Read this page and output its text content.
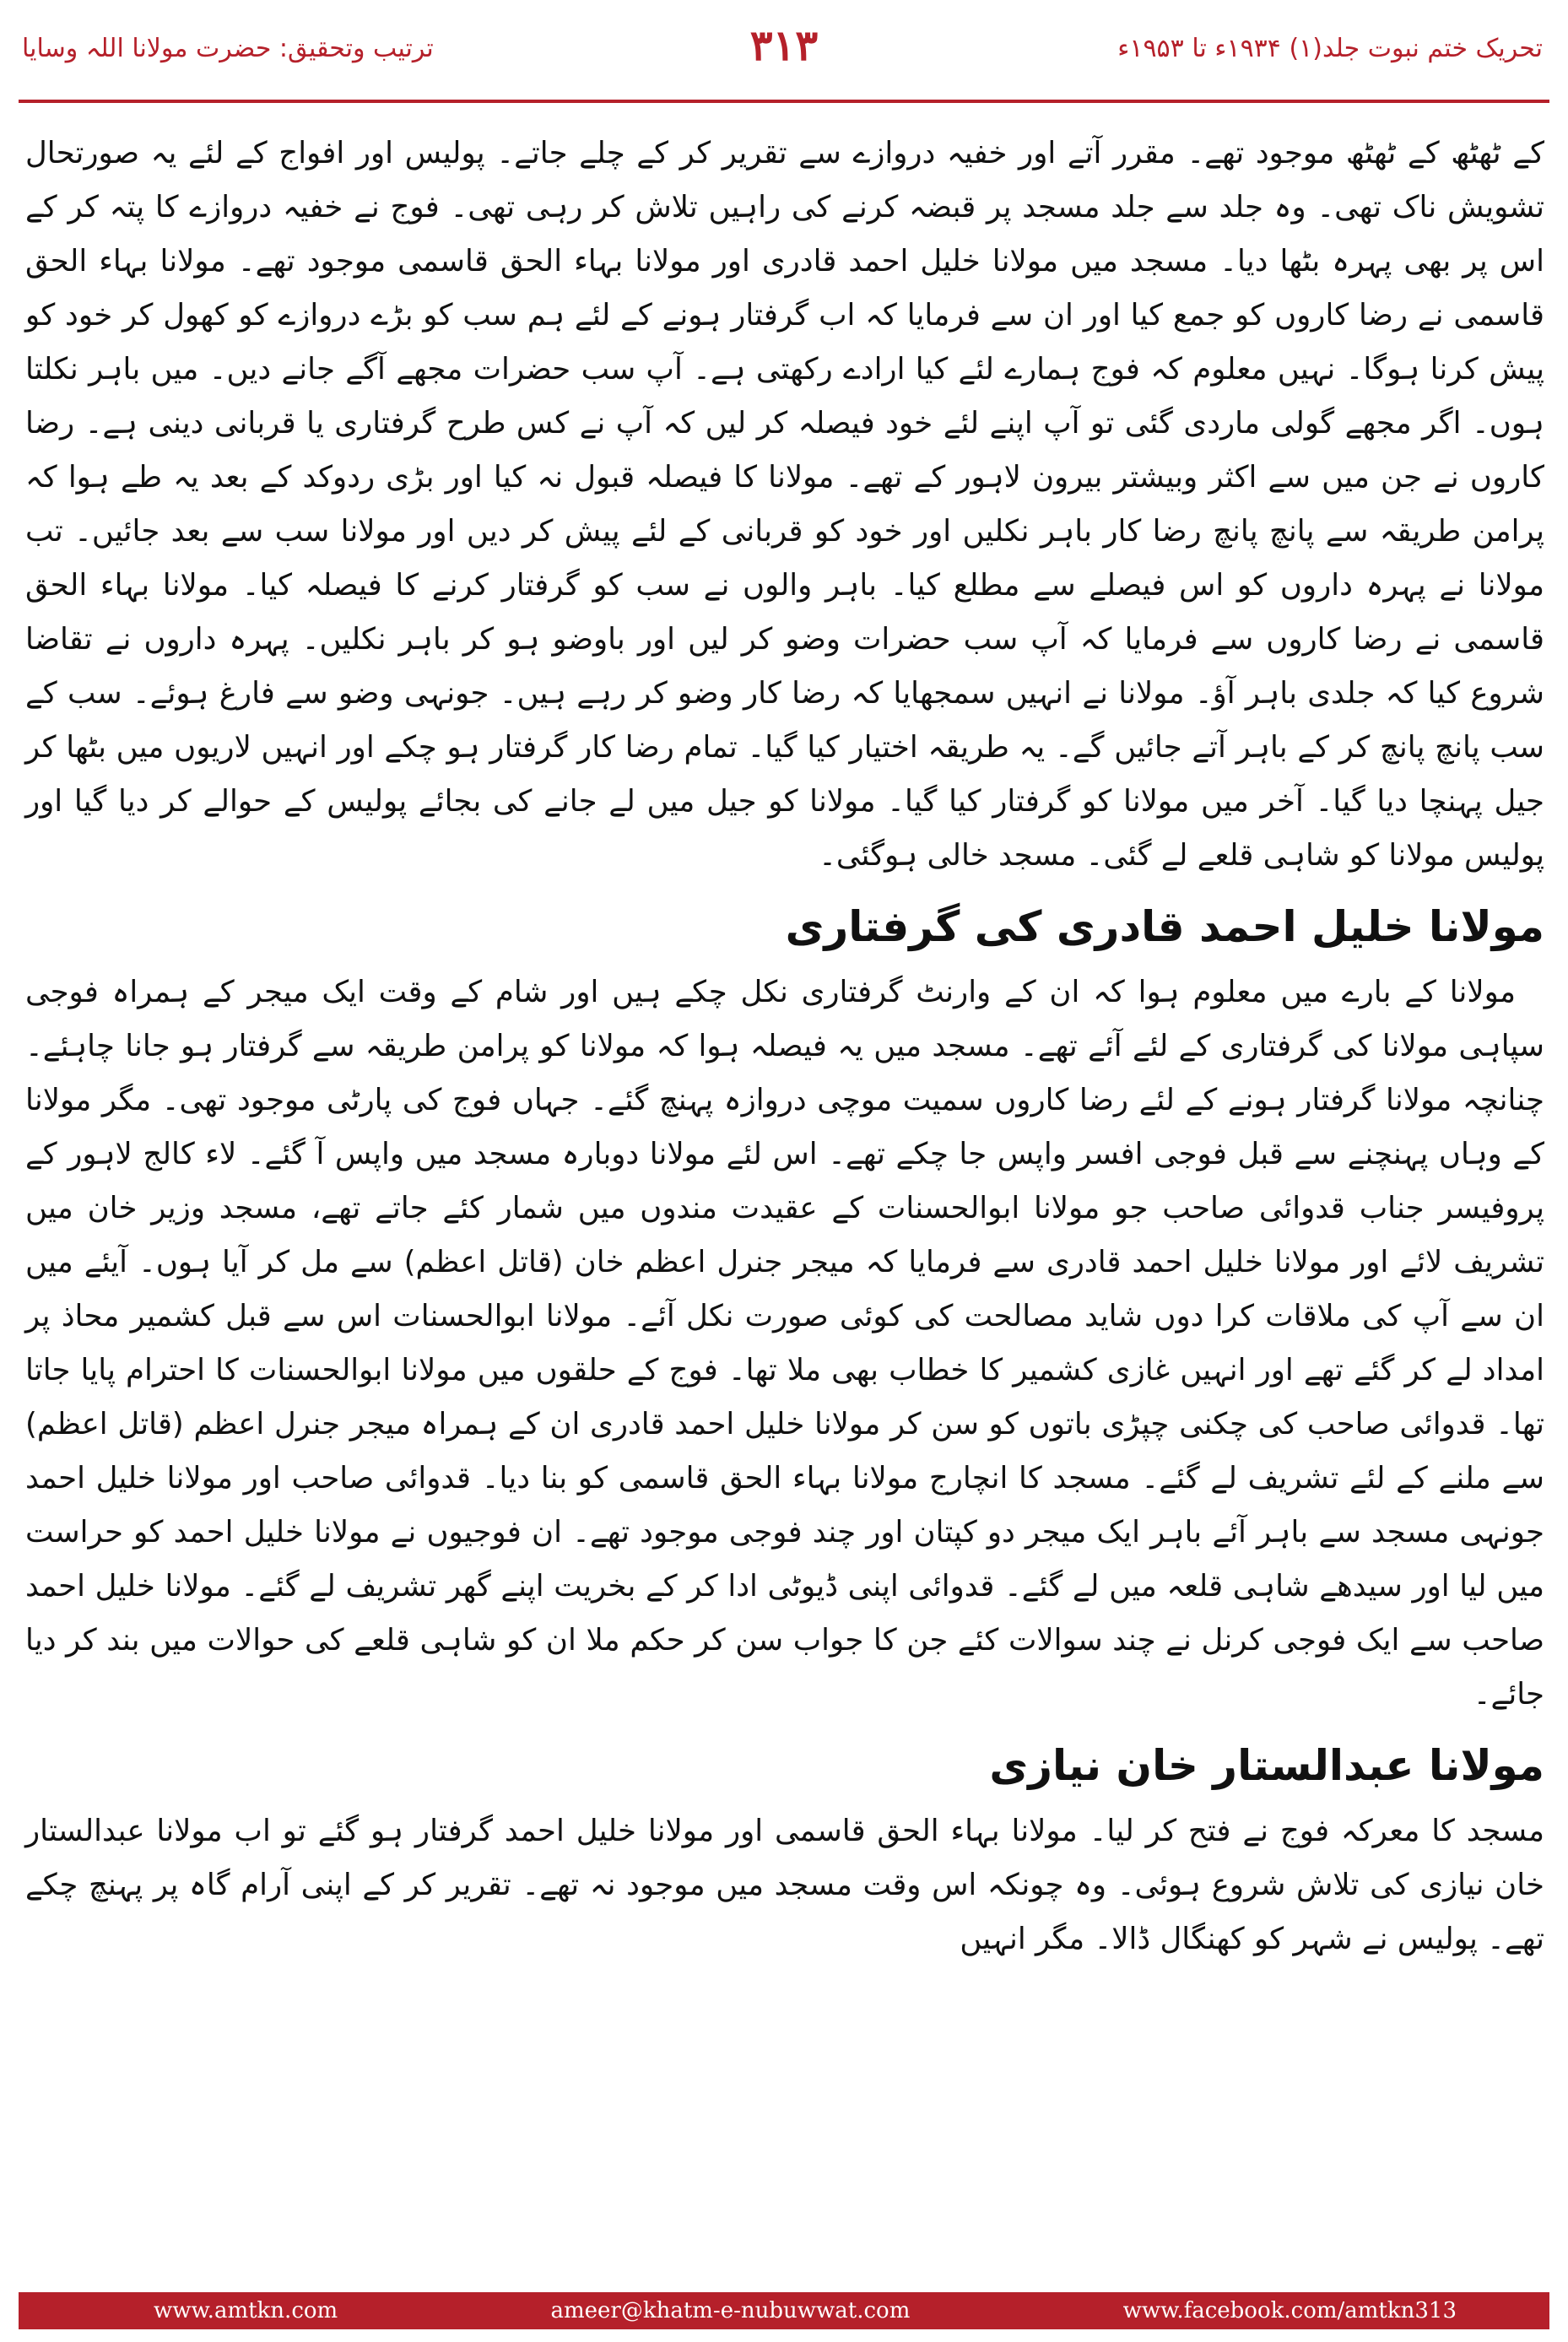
ترتیب وتحقیق: حضرت مولانا اللہ وسایا	۳۱۳	تحریک ختم نبوت جلد(۱) ۱۹۳۴ء تا ۱۹۵۳ء

کے ٹھٹھ کے ٹھٹھ موجود تھے۔ مقرر آتے اور خفیہ دروازے سے تقریر کر کے چلے جاتے۔ پولیس اور افواج کے لئے یہ صورتحال تشویش ناک تھی۔ وہ جلد سے جلد مسجد پر قبضہ کرنے کی راہیں تلاش کر رہی تھی۔ فوج نے خفیہ دروازے کا پتہ کر کے اس پر بھی پہرہ بٹھا دیا۔ مسجد میں مولانا خلیل احمد قادری اور مولانا بہاء الحق قاسمی موجود تھے۔ مولانا بہاء الحق قاسمی نے رضا کاروں کو جمع کیا اور ان سے فرمایا کہ اب گرفتار ہونے کے لئے ہم سب کو بڑے دروازے کو کھول کر خود کو پیش کرنا ہوگا۔ نہیں معلوم کہ فوج ہمارے لئے کیا ارادے رکھتی ہے۔ آپ سب حضرات مجھے آگے جانے دیں۔ میں باہر نکلتا ہوں۔ اگر مجھے گولی ماردی گئی تو آپ اپنے لئے خود فیصلہ کر لیں کہ آپ نے کس طرح گرفتاری یا قربانی دینی ہے۔ رضا کاروں نے جن میں سے اکثر وبیشتر بیرون لاہور کے تھے۔ مولانا کا فیصلہ قبول نہ کیا اور بڑی ردوکد کے بعد یہ طے ہوا کہ پرامن طریقہ سے پانچ پانچ رضا کار باہر نکلیں اور خود کو قربانی کے لئے پیش کر دیں اور مولانا سب سے بعد جائیں۔ تب مولانا نے پہرہ داروں کو اس فیصلے سے مطلع کیا۔ باہر والوں نے سب کو گرفتار کرنے کا فیصلہ کیا۔ مولانا بہاء الحق قاسمی نے رضا کاروں سے فرمایا کہ آپ سب حضرات وضو کر لیں اور باوضو ہو کر باہر نکلیں۔ پہرہ داروں نے تقاضا شروع کیا کہ جلدی باہر آؤ۔ مولانا نے انہیں سمجھایا کہ رضا کار وضو کر رہے ہیں۔ جونہی وضو سے فارغ ہوئے۔ سب کے سب پانچ پانچ کر کے باہر آتے جائیں گے۔ یہ طریقہ اختیار کیا گیا۔ تمام رضا کار گرفتار ہو چکے اور انہیں لاریوں میں بٹھا کر جیل پہنچا دیا گیا۔ آخر میں مولانا کو گرفتار کیا گیا۔ مولانا کو جیل میں لے جانے کی بجائے پولیس کے حوالے کر دیا گیا اور پولیس مولانا کو شاہی قلعے لے گئی۔ مسجد خالی ہوگئی۔

مولانا خلیل احمد قادری کی گرفتاری

مولانا کے بارے میں معلوم ہوا کہ ان کے وارنٹ گرفتاری نکل چکے ہیں اور شام کے وقت ایک میجر کے ہمراہ فوجی سپاہی مولانا کی گرفتاری کے لئے آئے تھے۔ مسجد میں یہ فیصلہ ہوا کہ مولانا کو پرامن طریقہ سے گرفتار ہو جانا چاہئے۔ چنانچہ مولانا گرفتار ہونے کے لئے رضا کاروں سمیت موچی دروازہ پہنچ گئے۔ جہاں فوج کی پارٹی موجود تھی۔ مگر مولانا کے وہاں پہنچنے سے قبل فوجی افسر واپس جا چکے تھے۔ اس لئے مولانا دوبارہ مسجد میں واپس آ گئے۔ لاء کالج لاہور کے پروفیسر جناب قدوائی صاحب جو مولانا ابوالحسنات کے عقیدت مندوں میں شمار کئے جاتے تھے، مسجد وزیر خان میں تشریف لائے اور مولانا خلیل احمد قادری سے فرمایا کہ میجر جنرل اعظم خان (قاتل اعظم) سے مل کر آیا ہوں۔ آیئے میں ان سے آپ کی ملاقات کرا دوں شاید مصالحت کی کوئی صورت نکل آئے۔ مولانا ابوالحسنات اس سے قبل کشمیر محاذ پر امداد لے کر گئے تھے اور انہیں غازی کشمیر کا خطاب بھی ملا تھا۔ فوج کے حلقوں میں مولانا ابوالحسنات کا احترام پایا جاتا تھا۔ قدوائی صاحب کی چکنی چپڑی باتوں کو سن کر مولانا خلیل احمد قادری ان کے ہمراہ میجر جنرل اعظم (قاتل اعظم) سے ملنے کے لئے تشریف لے گئے۔ مسجد کا انچارج مولانا بہاء الحق قاسمی کو بنا دیا۔ قدوائی صاحب اور مولانا خلیل احمد جونہی مسجد سے باہر آئے باہر ایک میجر دو کپتان اور چند فوجی موجود تھے۔ ان فوجیوں نے مولانا خلیل احمد کو حراست میں لیا اور سیدھے شاہی قلعہ میں لے گئے۔ قدوائی اپنی ڈیوٹی ادا کر کے بخریت اپنے گھر تشریف لے گئے۔ مولانا خلیل احمد صاحب سے ایک فوجی کرنل نے چند سوالات کئے جن کا جواب سن کر حکم ملا ان کو شاہی قلعے کی حوالات میں بند کر دیا جائے۔

مولانا عبدالستار خان نیازی

مسجد کا معرکہ فوج نے فتح کر لیا۔ مولانا بہاء الحق قاسمی اور مولانا خلیل احمد گرفتار ہو گئے تو اب مولانا عبدالستار خان نیازی کی تلاش شروع ہوئی۔ وہ چونکہ اس وقت مسجد میں موجود نہ تھے۔ تقریر کر کے اپنی آرام گاہ پر پہنچ چکے تھے۔ پولیس نے شہر کو کھنگال ڈالا۔ مگر انہیں

www.amtkn.com	ameer@khatm-e-nubuwwat.com	www.facebook.com/amtkn313
